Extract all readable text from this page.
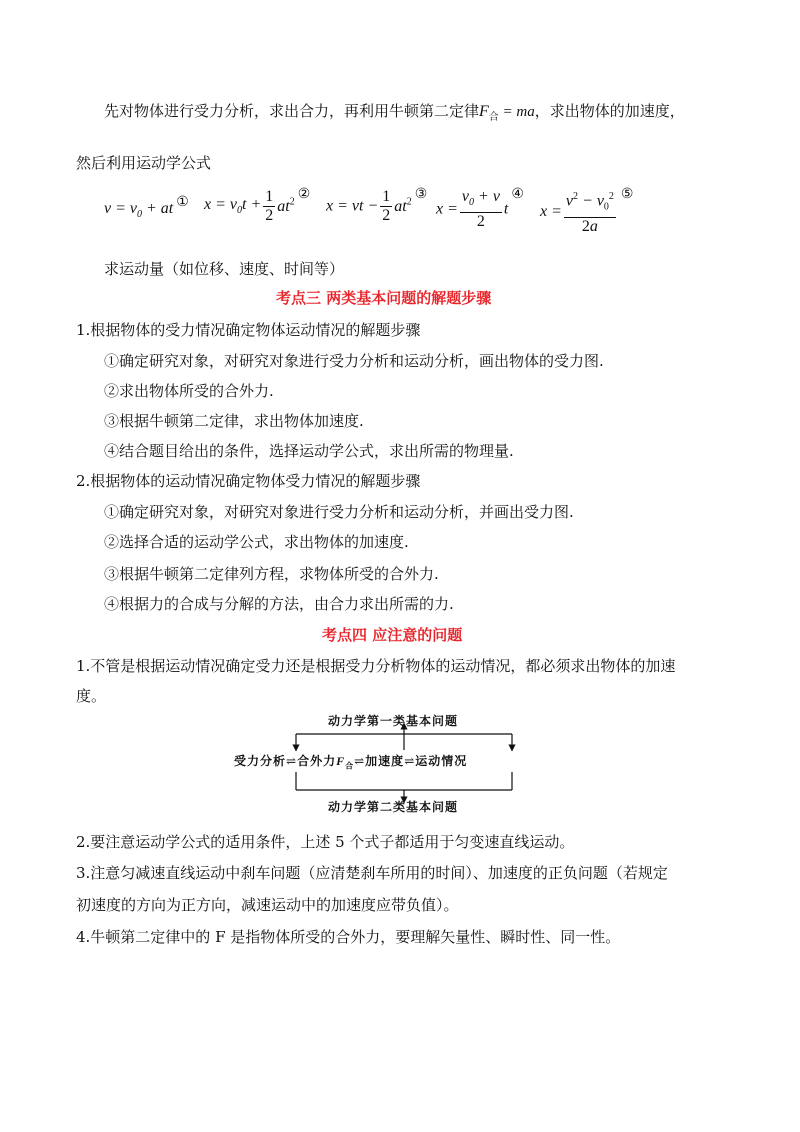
先对物体进行受力分析，求出合力，再利用牛顿第二定律$F_合$ = ma，求出物体的加速度，
然后利用运动学公式
$v = v_0$ + at ① $x = v_0t + \frac{1}{2}$ $at^2②$
x = vt − $\frac{1}{2}$ $at^2③$
$x = \frac{v_0 + v}{2}$ t④
$x = \frac{v^2 - v_0^2}{2a}$ ⑤
求运动量（如位移、速度、时间等）
考点三 两类基本问题的解题步骤
1.根据物体的受力情况确定物体运动情况的解题步骤
①确定研究对象，对研究对象进行受力分析和运动分析，画出物体的受力图.
②求出物体所受的合外力.
③根据牛顿第二定律，求出物体加速度.
④结合题目给出的条件，选择运动学公式，求出所需的物理量.
2.根据物体的运动情况确定物体受力情况的解题步骤
①确定研究对象，对研究对象进行受力分析和运动分析，并画出受力图.
②选择合适的运动学公式，求出物体的加速度.
③根据牛顿第二定律列方程，求物体所受的合外力.
④根据力的合成与分解的方法，由合力求出所需的力.
考点四 应注意的问题
1.不管是根据运动情况确定受力还是根据受力分析物体的运动情况，都必须求出物体的加速
度。
动力学第一类基本问题
动力学第二类基本问题
受力分析⇌合外力$F_合\rightleftharpoons$加速度⇌运动情况
2.要注意运动学公式的适用条件，上述 5 个式子都适用于匀变速直线运动。
3.注意匀减速直线运动中刹车问题（应清楚刹车所用的时间）、加速度的正负问题（若规定
初速度的方向为正方向，减速运动中的加速度应带负值）。
4.牛顿第二定律中的 F 是指物体所受的合外力，要理解矢量性、瞬时性、同一性。
